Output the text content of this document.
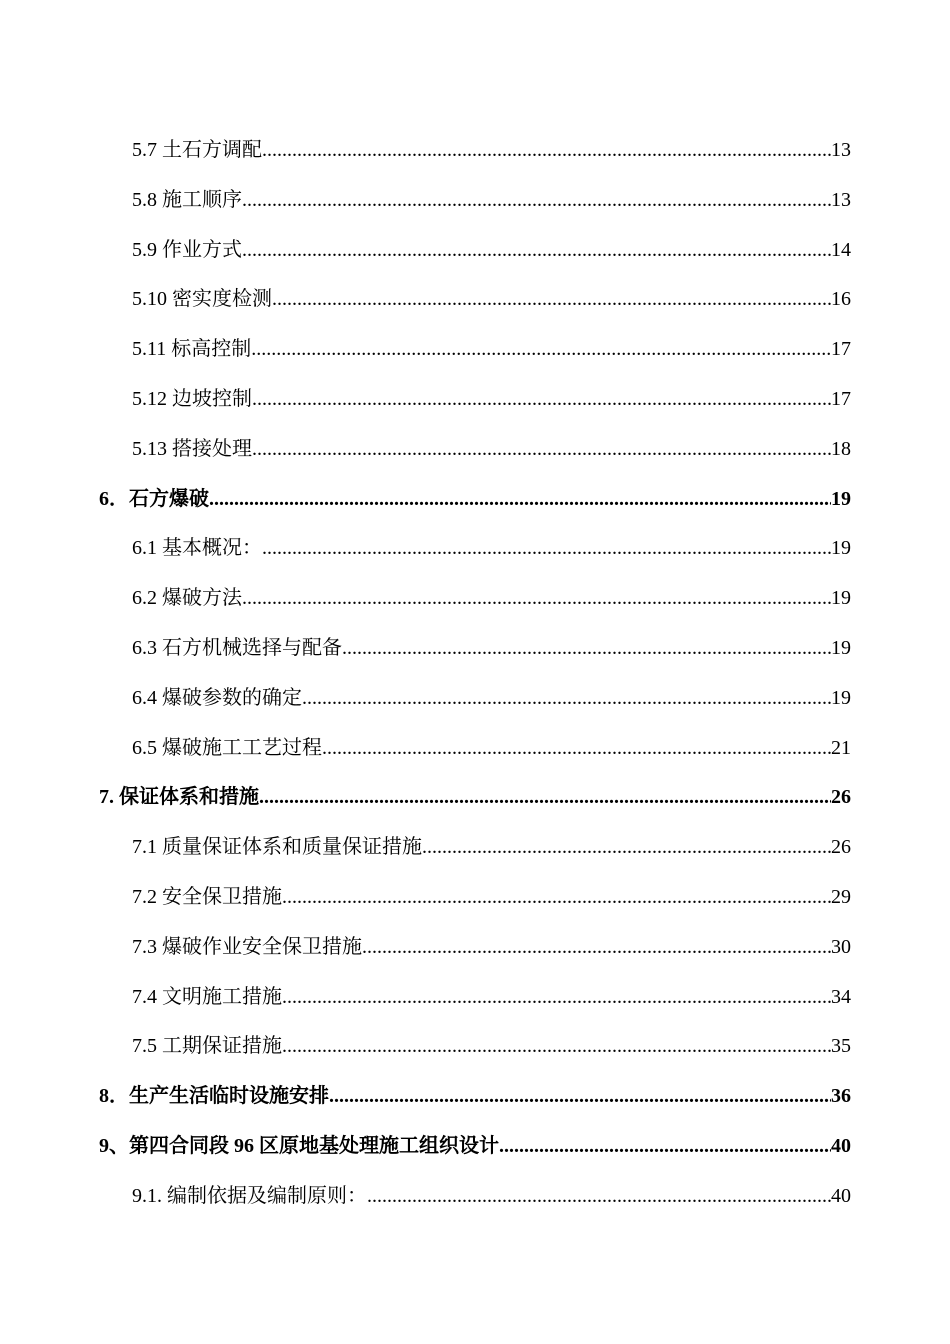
5.7 土石方调配 .....	13
5.8 施工顺序 .....	13
5.9 作业方式 .....	14
5.10 密实度检测 .....	16
5.11 标高控制 .....	17
5.12 边坡控制 .....	17
5.13 搭接处理 .....	18
6．石方爆破 .....	19
6.1 基本概况： .....	19
6.2 爆破方法 .....	19
6.3 石方机械选择与配备 .....	19
6.4 爆破参数的确定 .....	19
6.5 爆破施工工艺过程 .....	21
7. 保证体系和措施 .....	26
7.1 质量保证体系和质量保证措施 .....	26
7.2 安全保卫措施 .....	29
7.3 爆破作业安全保卫措施 .....	30
7.4 文明施工措施 .....	34
7.5 工期保证措施 .....	35
8．生产生活临时设施安排 .....	36
9、第四合同段 96 区原地基处理施工组织设计 .....	40
9.1. 编制依据及编制原则： .....	40
